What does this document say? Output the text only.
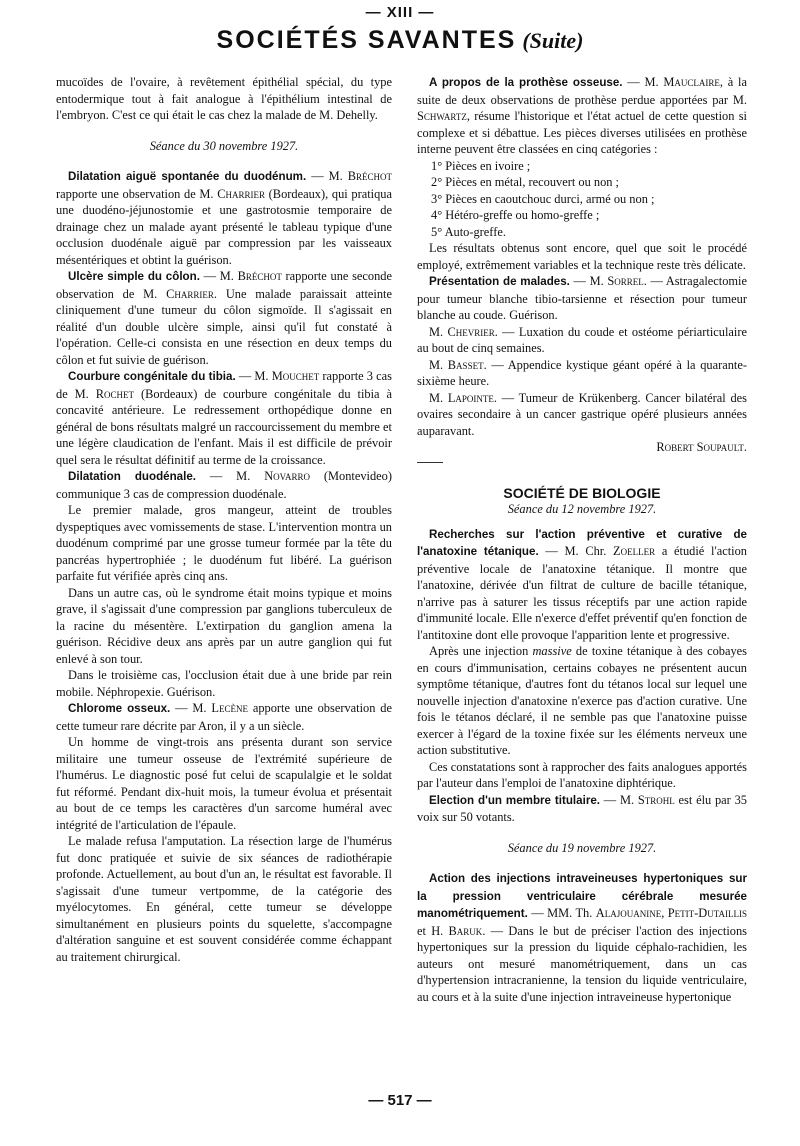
— XIII —
SOCIÉTÉS SAVANTES (Suite)

mucoïdes de l'ovaire, à revêtement épithélial spécial, du type entodermique tout à fait analogue à l'épithélium intestinal de l'embryon. C'est ce qui était le cas chez la malade de M. Dehelly.

Séance du 30 novembre 1927.

Dilatation aiguë spontanée du duodénum. — M. Bréchot rapporte une observation de M. Charrier (Bordeaux), qui pratiqua une duodéno-jéjunostomie et une gastrotosmie temporaire de drainage chez un malade ayant présenté le tableau typique d'une occlusion duodénale aiguë par compression par les vaisseaux mésentériques et obtint la guérison.

Ulcère simple du côlon. — M. Bréchot rapporte une seconde observation de M. Charrier. Une malade paraissait atteinte cliniquement d'une tumeur du côlon sigmoïde. Il s'agissait en réalité d'un double ulcère simple, ainsi qu'il fut constaté à l'opération. Celle-ci consista en une résection en deux temps du côlon et fut suivie de guérison.

Courbure congénitale du tibia. — M. Mouchet rapporte 3 cas de M. Rochet (Bordeaux) de courbure congénitale du tibia à concavité antérieure. Le redressement orthopédique donne en général de bons résultats malgré un raccourcissement du membre et une légère claudication de l'enfant. Mais il est difficile de prévoir quel sera le résultat définitif au terme de la croissance.

Dilatation duodénale. — M. Novarro (Montevideo) communique 3 cas de compression duodénale.

Le premier malade, gros mangeur, atteint de troubles dyspeptiques avec vomissements de stase. L'intervention montra un duodénum comprimé par une grosse tumeur formée par la tête du pancréas hypertrophiée ; le duodénum fut libéré. La guérison parfaite fut vérifiée après cinq ans.

Dans un autre cas, où le syndrome était moins typique et moins grave, il s'agissait d'une compression par ganglions tuberculeux de la racine du mésentère. L'extirpation du ganglion amena la guérison. Récidive deux ans après par un autre ganglion qui fut enlevé à son tour.

Dans le troisième cas, l'occlusion était due à une bride par rein mobile. Néphropexie. Guérison.

Chlorome osseux. — M. Lecène apporte une observation de cette tumeur rare décrite par Aron, il y a un siècle.

Un homme de vingt-trois ans présenta durant son service militaire une tumeur osseuse de l'extrémité supérieure de l'humérus. Le diagnostic posé fut celui de scapulalgie et le soldat fut réformé. Pendant dix-huit mois, la tumeur évolua et présentait au bout de ce temps les caractères d'un sarcome huméral avec intégrité de l'articulation de l'épaule.

Le malade refusa l'amputation. La résection large de l'humérus fut donc pratiquée et suivie de six séances de radiothérapie profonde. Actuellement, au bout d'un an, le résultat est favorable. Il s'agissait d'une tumeur vertpomme, de la catégorie des myélocytomes. En général, cette tumeur se développe simultanément en plusieurs points du squelette, s'accompagne d'altération sanguine et est souvent considérée comme échappant au traitement chirurgical.

A propos de la prothèse osseuse. — M. Mauclaire, à la suite de deux observations de prothèse perdue apportées par M. Schwartz, résume l'historique et l'état actuel de cette question si complexe et si débattue. Les pièces diverses utilisées en prothèse interne peuvent être classées en cinq catégories :

1° Pièces en ivoire ;

2° Pièces en métal, recouvert ou non ;

3° Pièces en caoutchouc durci, armé ou non ;

4° Hétéro-greffe ou homo-greffe ;

5° Auto-greffe.

Les résultats obtenus sont encore, quel que soit le procédé employé, extrêmement variables et la technique reste très délicate.

Présentation de malades. — M. Sorrel. — Astragalectomie pour tumeur blanche tibio-tarsienne et résection pour tumeur blanche au coude. Guérison.

M. Chevrier. — Luxation du coude et ostéome périarticulaire au bout de cinq semaines.

M. Basset. — Appendice kystique géant opéré à la quarante-sixième heure.

M. Lapointe. — Tumeur de Krükenberg. Cancer bilatéral des ovaires secondaire à un cancer gastrique opéré plusieurs années auparavant.

Robert Soupault.

SOCIÉTÉ DE BIOLOGIE

Séance du 12 novembre 1927.

Recherches sur l'action préventive et curative de l'anatoxine tétanique. — M. Chr. Zoeller a étudié l'action préventive locale de l'anatoxine tétanique. Il montre que l'anatoxine, dérivée d'un filtrat de culture de bacille tétanique, n'arrive pas à saturer les tissus réceptifs par une action rapide d'immunité locale. Elle n'exerce d'effet préventif qu'en fonction de l'antitoxine dont elle provoque l'apparition lente et progressive.

Après une injection massive de toxine tétanique à des cobayes en cours d'immunisation, certains cobayes ne présentent aucun symptôme tétanique, d'autres font du tétanos local sur lequel une nouvelle injection d'anatoxine n'exerce pas d'action curative. Une fois le tétanos déclaré, il ne semble pas que l'anatoxine puisse exercer à l'égard de la toxine fixée sur les éléments nerveux une action substitutive.

Ces constatations sont à rapprocher des faits analogues apportés par l'auteur dans l'emploi de l'anatoxine diphtérique.

Election d'un membre titulaire. — M. Strohl est élu par 35 voix sur 50 votants.

Séance du 19 novembre 1927.

Action des injections intraveineuses hypertoniques sur la pression ventriculaire cérébrale mesurée manométriquement. — MM. Th. Alajouanine, Petit-Dutaillis et H. Baruk. — Dans le but de préciser l'action des injections hypertoniques sur la pression du liquide céphalo-rachidien, les auteurs ont mesuré manométriquement, dans un cas d'hypertension intracranienne, la tension du liquide ventriculaire, au cours et à la suite d'une injection intraveineuse hypertonique

— 517 —
